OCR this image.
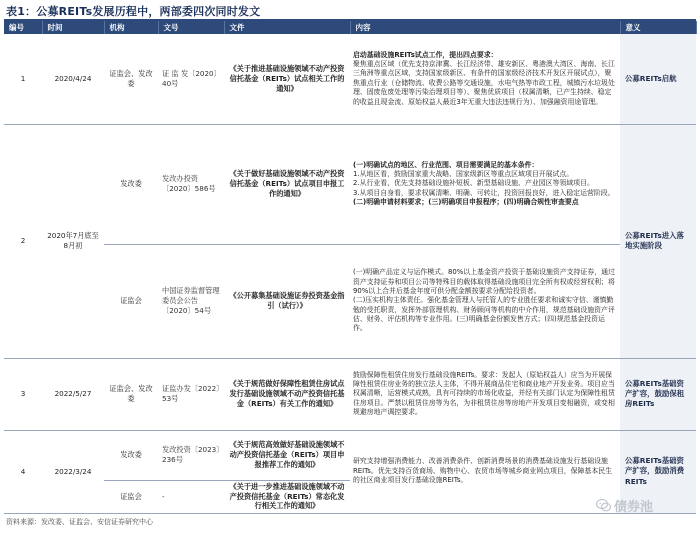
表1：公募REITs发展历程中，两部委四次同时发文
编号	时间	机构	文号	文件	内容	意义
1	2020/4/24	证监会、发改委	证 监 发〔2020〕40号	《关于推进基础设施领域不动产投资信托基金（REITs）试点相关工作的通知》	启动基础设施REITs试点工作，提出四点要求：
聚焦重点区域（优先支持京津冀、长江经济带、雄安新区、粤港澳大湾区、海南、长江三角洲等重点区域，支持国家级新区、有条件的国家级经济技术开发区开展试点），聚焦重点行业（仓储物流、收费公路等交通设施，水电气热等市政工程，城镇污水垃圾处理、固废危废处理等污染治理项目等）、聚焦优质项目（权属清晰，已产生持续、稳定的收益且现金流、原始权益人最近3年无重大违法违规行为）、加强融资用途管理。	公募REITs启航
2	2020年7月底至8月初	发改委	发改办投资〔2020〕586号	《关于做好基础设施领域不动产投资信托基金（REITs）试点项目申报工作的通知》	(一)明确试点的地区、行业范围、项目需要满足的基本条件：
1.从地区看，鼓励国家重大战略、国家级新区等重点区域项目开展试点。
2.从行业看，优先支持基础设施补短板、新型基础设施、产业园区等领域项目。
3.从项目自身看，要求权属清晰、明确、可转让，投资回报良好，进入稳定运营阶段。
(二)明确申请材料要求；(三)明确项目申报程序；(四)明确合规性审查要点	公募REITs进入落地实施阶段
		证监会	中国证券监督管理委员会公告〔2020〕54号	《公开募集基础设施证券投资基金指引（试行）》	(一)明确产品定义与运作模式。80%以上基金资产投资于基础设施资产支持证券，通过资产支持证券和项目公司等特殊目的载体取得基础设施项目完全所有权或经营权利；将90%以上合并后基金年度可供分配金额按要求分配给投资者。
(二)压实机构主体责任。强化基金管理人与托管人的专业胜任要求和诚实守信、谨慎勤勉的受托职责，发挥外部管理机构、财务顾问等机构的中介作用，规范基础设施资产评估、财务、评估机构等专业作用。(三)明确基金份额发售方式；(四)规范基金投资运作。	

3	2022/5/27	证监会、发改委	证监办发〔2022〕53号	《关于规范做好保障性租赁住房试点发行基础设施领域不动产投资信托基金（REITs）有关工作的通知》	鼓励保障性租赁住房发行基础设施REITs。要求：发起人（原始权益人）应当为开展保障性租赁住房业务的独立法人主体，不得开展商品住宅和商业地产开发业务。项目应当权属清晰，运营模式成熟，具有可持续的市场化收益，并经有关部门认定为保障性租赁住房项目。严禁以租赁住房等为名，为非租赁住房等房地产开发项目变相融资，或变相规避房地产调控要求。	公募REITs基础资产扩容，鼓励保租房REITs
4	2022/3/24	发改委	发改投资〔2023〕236号	《关于规范高效做好基础设施领域不动产投资信托基金（REITs）项目申报推荐工作的通知》	研究支持增强消费能力、改善消费条件、创新消费场景的消费基础设施发行基础设施REITs。优先支持百货商场、购物中心、农贸市场等城乡商业网点项目，保障基本民生的社区商业项目发行基础设施REITs。	公募REITs基础资产扩容，鼓励消费REITs
		证监会	-	《关于进一步推进基础设施领域不动产投资信托基金（REITs）常态化发行相关工作的通知》		
资料来源：发改委、证监会、安信证券研究中心
债券池
